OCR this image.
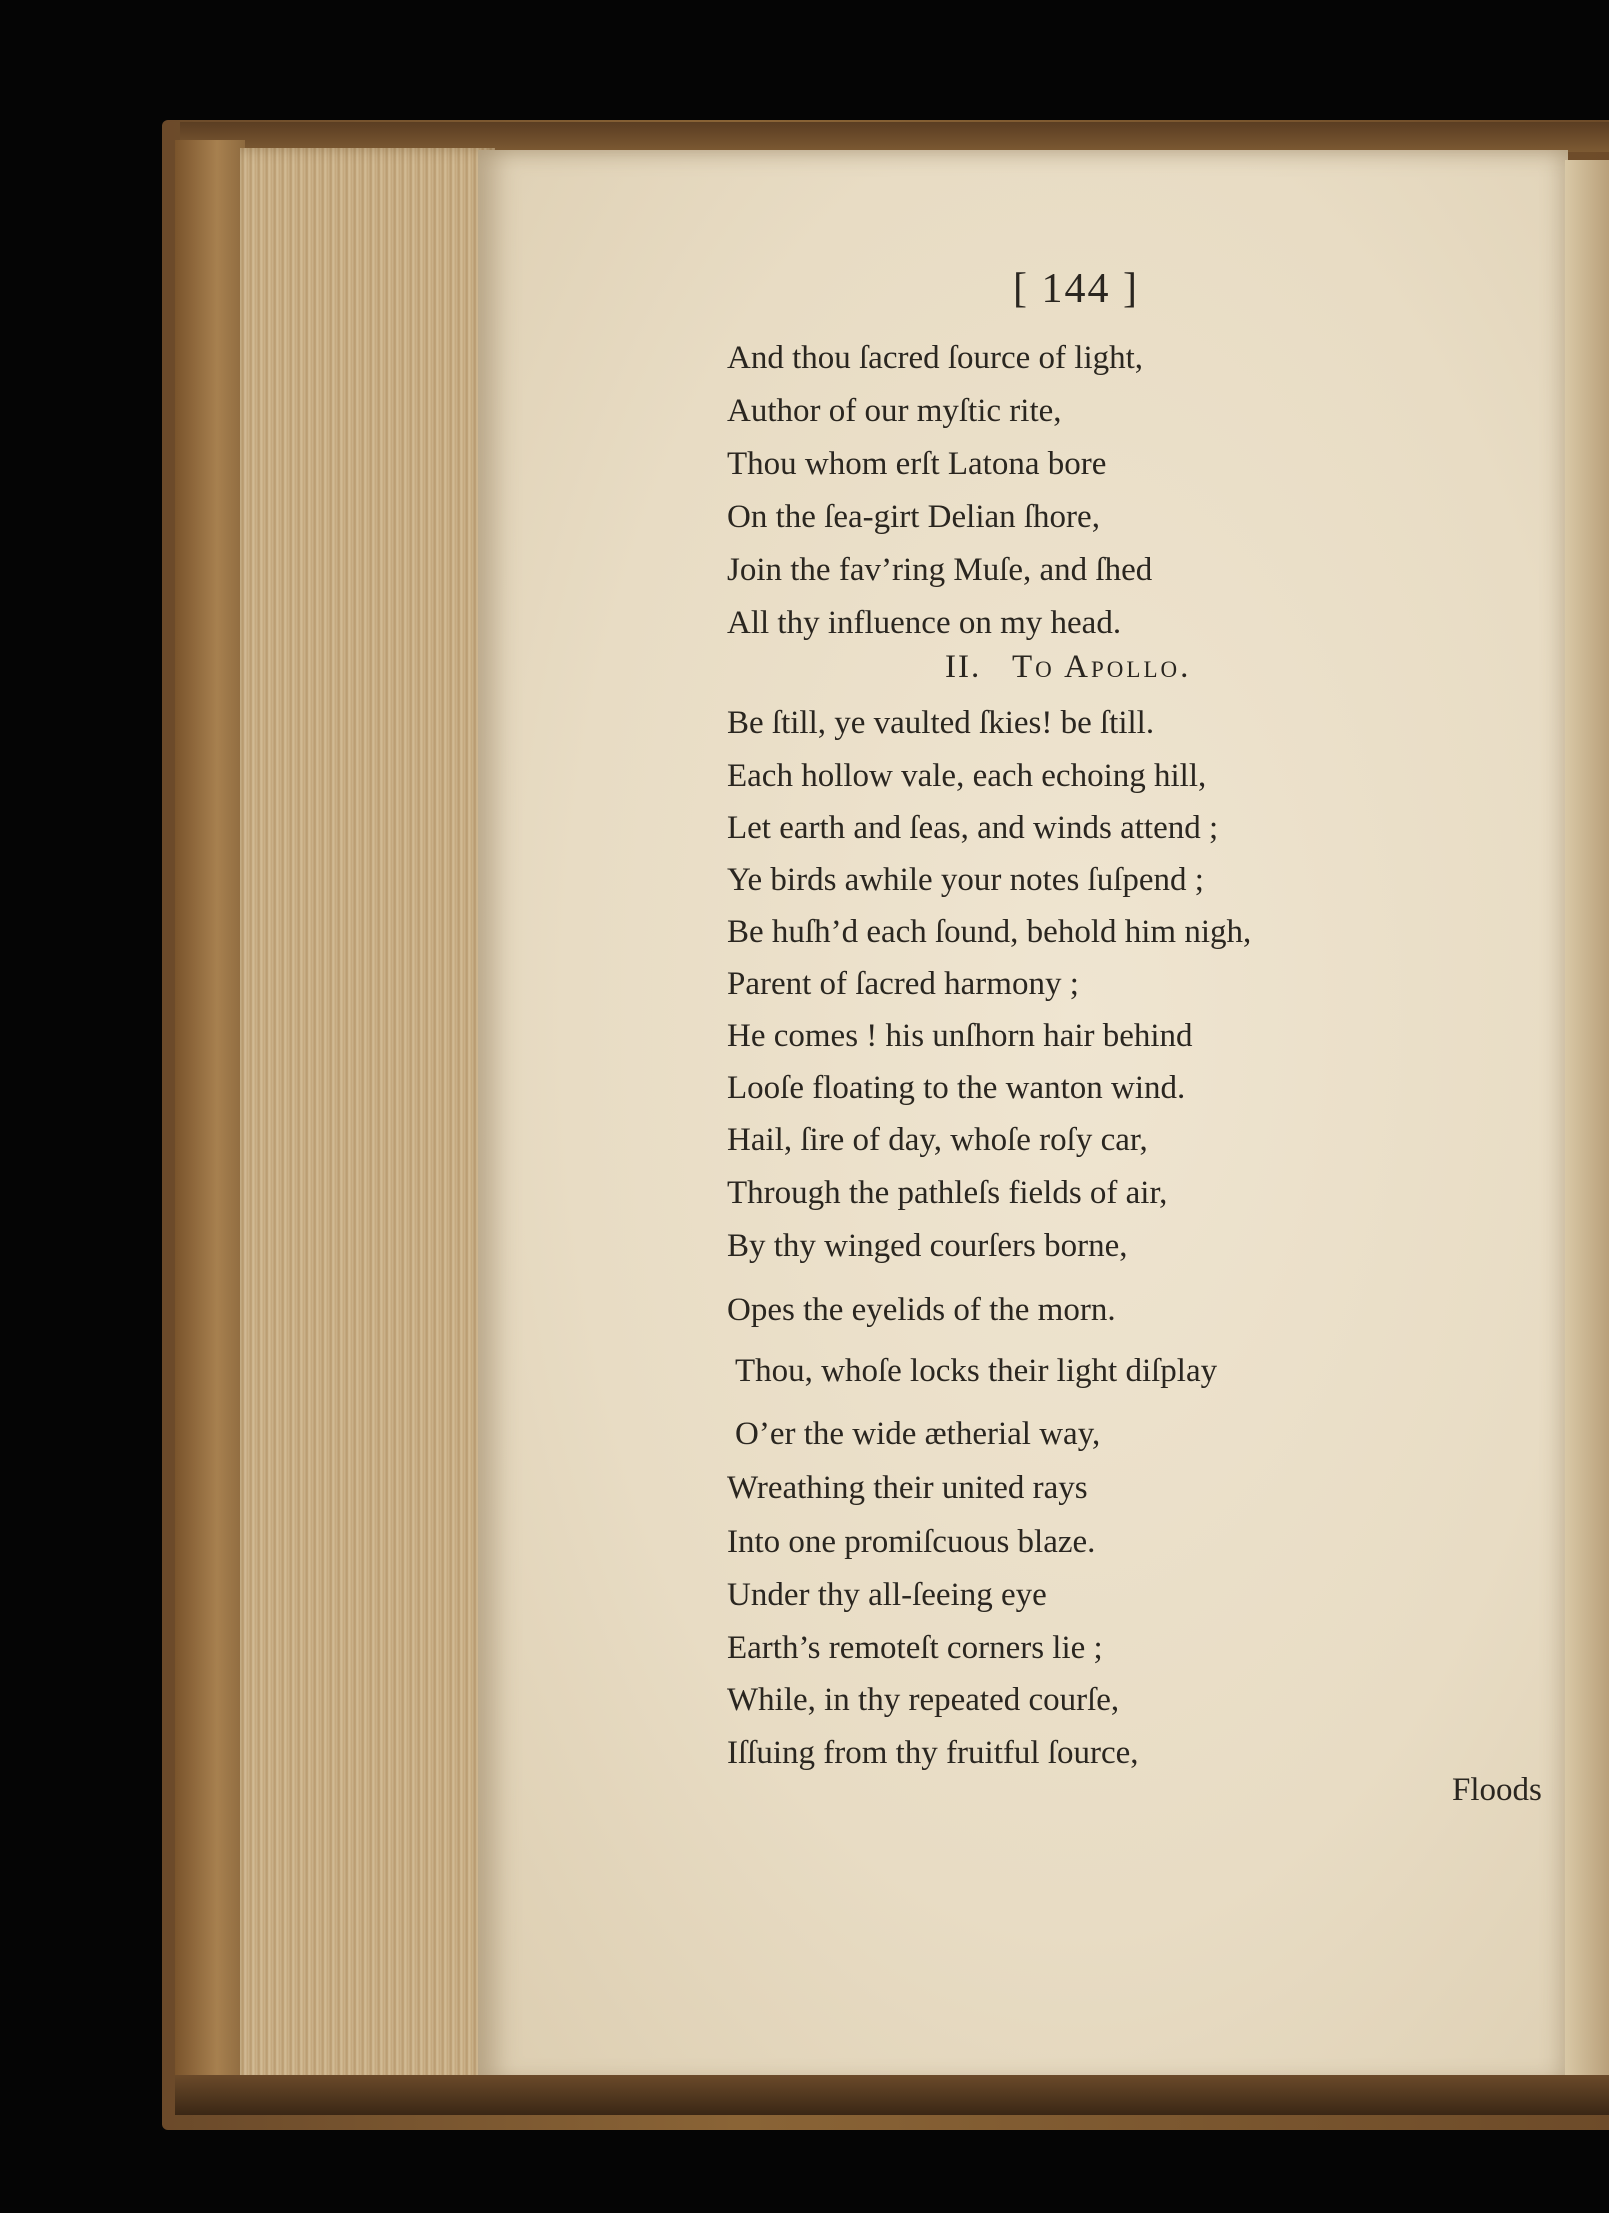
[ 144 ]
And thou ſacred ſource of light,
Author of our myſtic rite,
Thou whom erſt Latona bore
On the ſea-girt Delian ſhore,
Join the fav’ring Muſe, and ſhed
All thy influence on my head.
II. To Apollo.
Be ſtill, ye vaulted ſkies! be ſtill.
Each hollow vale, each echoing hill,
Let earth and ſeas, and winds attend ;
Ye birds awhile your notes ſuſpend ;
Be huſh’d each ſound, behold him nigh,
Parent of ſacred harmony ;
He comes ! his unſhorn hair behind
Looſe floating to the wanton wind.
Hail, ſire of day, whoſe roſy car,
Through the pathleſs fields of air,
By thy winged courſers borne,
Opes the eyelids of the morn.
Thou, whoſe locks their light diſplay
O’er the wide ætherial way,
Wreathing their united rays
Into one promiſcuous blaze.
Under thy all-ſeeing eye
Earth’s remoteſt corners lie ;
While, in thy repeated courſe,
Iſſuing from thy fruitful ſource,
Floods
